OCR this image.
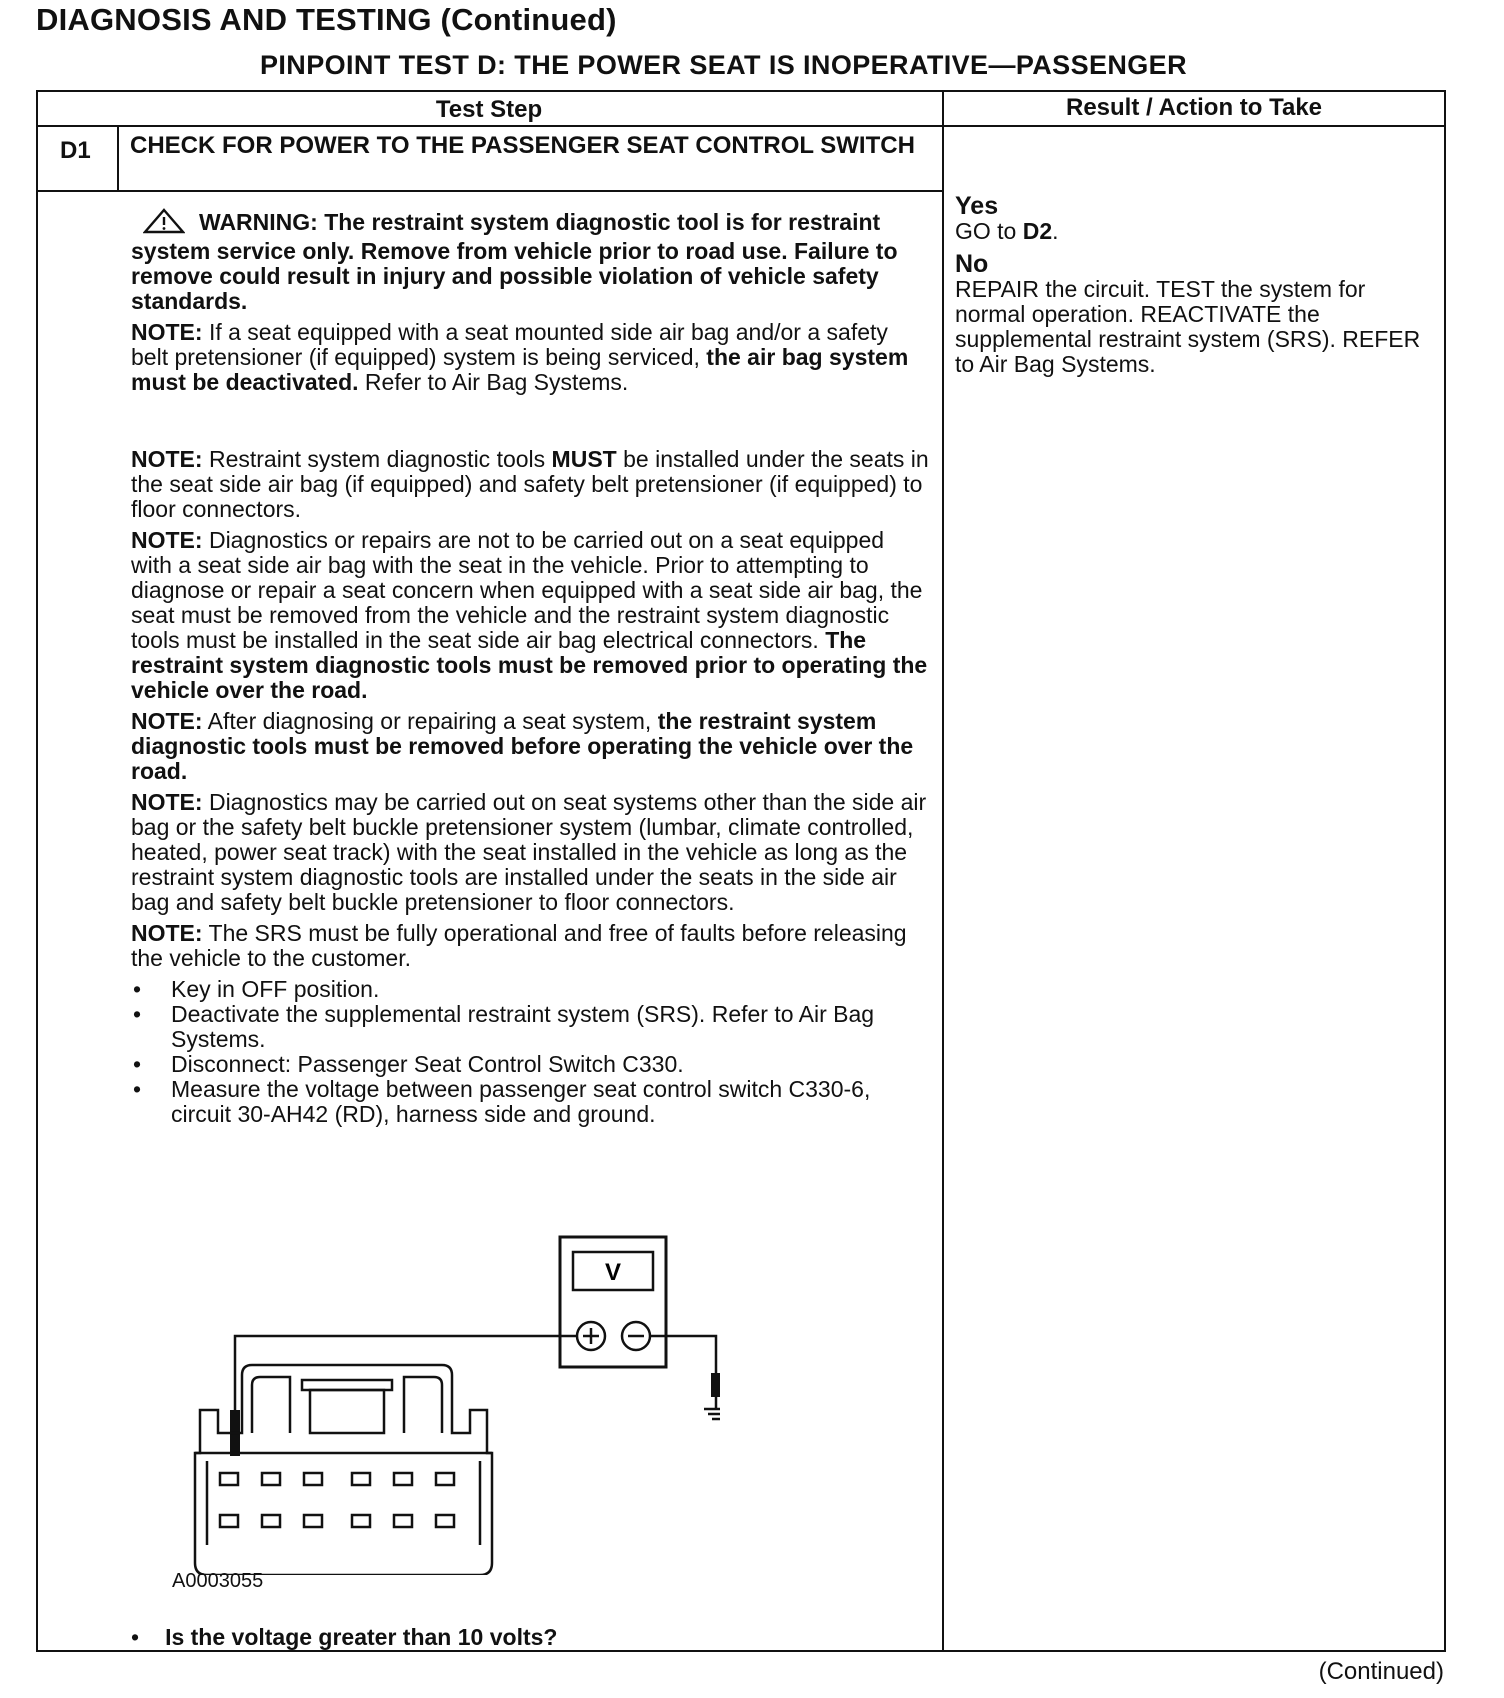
DIAGNOSIS AND TESTING (Continued)
PINPOINT TEST D: THE POWER SEAT IS INOPERATIVE—PASSENGER
Test Step	Result / Action to Take
D1 CHECK FOR POWER TO THE PASSENGER SEAT CONTROL SWITCH

WARNING: The restraint system diagnostic tool is for restraint system service only. Remove from vehicle prior to road use. Failure to remove could result in injury and possible violation of vehicle safety standards.

NOTE: If a seat equipped with a seat mounted side air bag and/or a safety belt pretensioner (if equipped) system is being serviced, the air bag system must be deactivated. Refer to Air Bag Systems.

NOTE: Restraint system diagnostic tools MUST be installed under the seats in the seat side air bag (if equipped) and safety belt pretensioner (if equipped) to floor connectors.

NOTE: Diagnostics or repairs are not to be carried out on a seat equipped with a seat side air bag with the seat in the vehicle. Prior to attempting to diagnose or repair a seat concern when equipped with a seat side air bag, the seat must be removed from the vehicle and the restraint system diagnostic tools must be installed in the seat side air bag electrical connectors. The restraint system diagnostic tools must be removed prior to operating the vehicle over the road.

NOTE: After diagnosing or repairing a seat system, the restraint system diagnostic tools must be removed before operating the vehicle over the road.

NOTE: Diagnostics may be carried out on seat systems other than the side air bag or the safety belt buckle pretensioner system (lumbar, climate controlled, heated, power seat track) with the seat installed in the vehicle as long as the restraint system diagnostic tools are installed under the seats in the side air bag and safety belt buckle pretensioner to floor connectors.

NOTE: The SRS must be fully operational and free of faults before releasing the vehicle to the customer.

• Key in OFF position.
• Deactivate the supplemental restraint system (SRS). Refer to Air Bag Systems.
• Disconnect: Passenger Seat Control Switch C330.
• Measure the voltage between passenger seat control switch C330-6, circuit 30-AH42 (RD), harness side and ground.
V
A0003055
• Is the voltage greater than 10 volts?
Yes

GO to D2.

No

REPAIR the circuit. TEST the system for normal operation. REACTIVATE the supplemental restraint system (SRS). REFER to Air Bag Systems.

(Continued)
